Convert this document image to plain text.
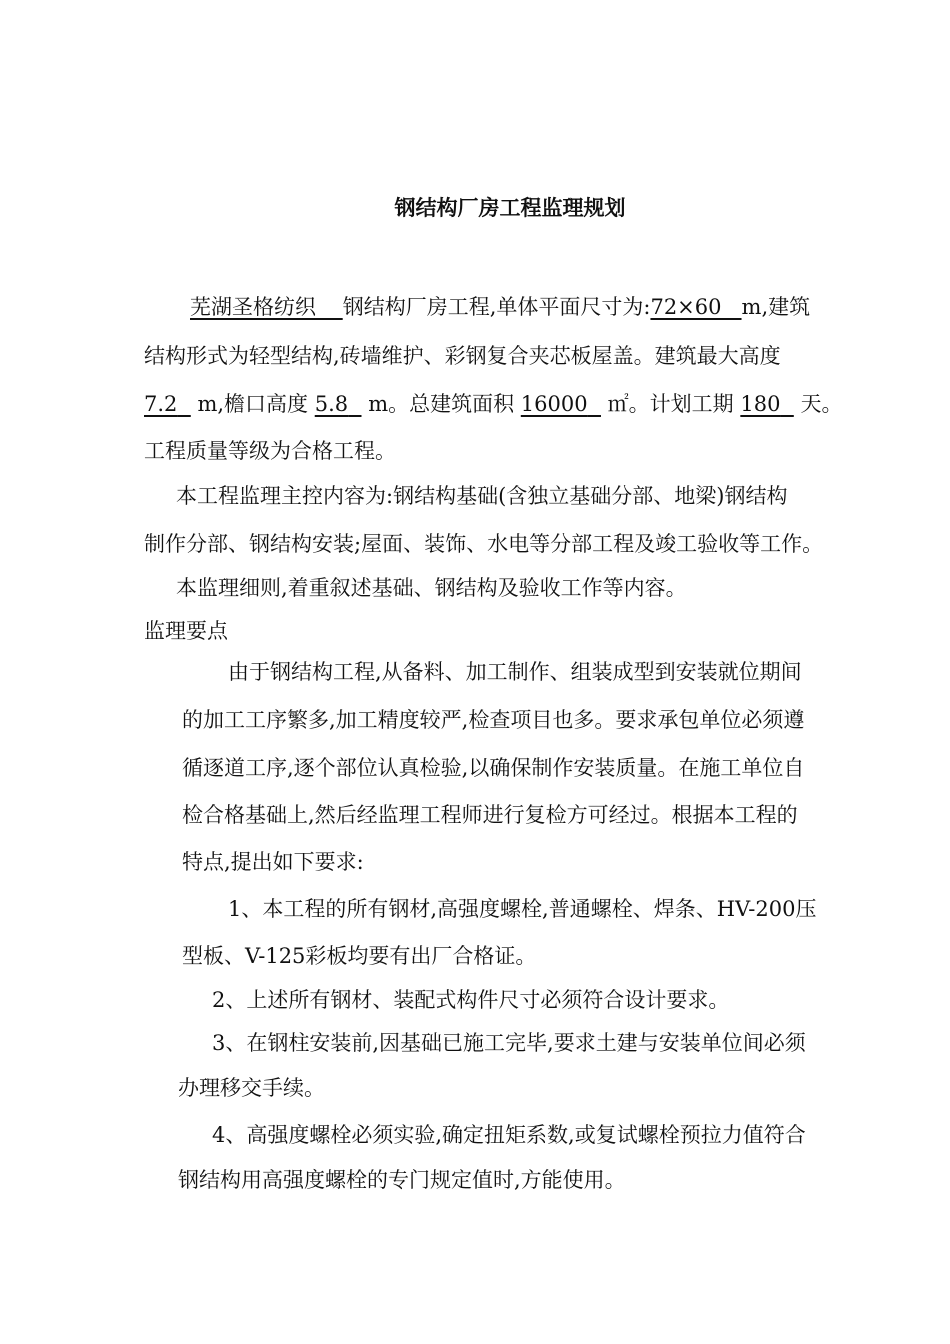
钢结构厂房工程监理规划

芜湖圣格纺织 钢结构厂房工程,单体平面尺寸为:72×60 m,建筑

结构形式为轻型结构,砖墙维护、彩钢复合夹芯板屋盖。建筑最大高度

7.2 m,檐口高度 5.8 m。总建筑面积 16000 ㎡。计划工期 180 天。

工程质量等级为合格工程。

本工程监理主控内容为:钢结构基础(含独立基础分部、地梁)钢结构

制作分部、钢结构安装;屋面、装饰、水电等分部工程及竣工验收等工作。

本监理细则,着重叙述基础、钢结构及验收工作等内容。

监理要点

由于钢结构工程,从备料、加工制作、组装成型到安装就位期间

的加工工序繁多,加工精度较严,检查项目也多。要求承包单位必须遵

循逐道工序,逐个部位认真检验,以确保制作安装质量。在施工单位自

检合格基础上,然后经监理工程师进行复检方可经过。根据本工程的

特点,提出如下要求:

1、本工程的所有钢材,高强度螺栓,普通螺栓、焊条、HV-200压

型板、V-125彩板均要有出厂合格证。

2、上述所有钢材、装配式构件尺寸必须符合设计要求。

3、在钢柱安装前,因基础已施工完毕,要求土建与安装单位间必须

办理移交手续。

4、高强度螺栓必须实验,确定扭矩系数,或复试螺栓预拉力值符合

钢结构用高强度螺栓的专门规定值时,方能使用。
